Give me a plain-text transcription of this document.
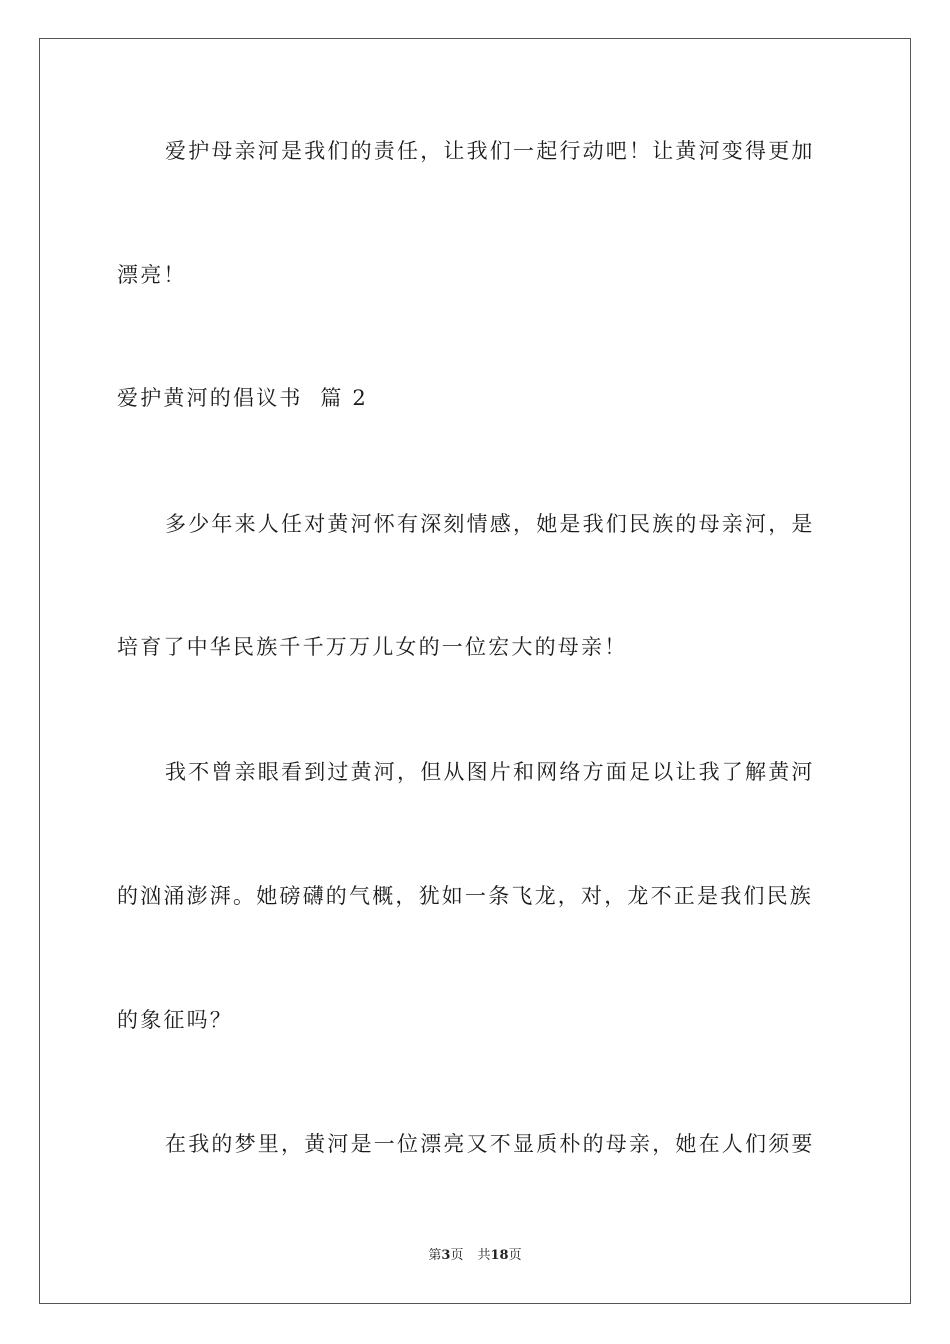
爱护母亲河是我们的责任，让我们一起行动吧！让黄河变得更加
漂亮！
爱护黄河的倡议书  篇 2
多少年来人任对黄河怀有深刻情感，她是我们民族的母亲河，是
培育了中华民族千千万万儿女的一位宏大的母亲！
我不曾亲眼看到过黄河，但从图片和网络方面足以让我了解黄河
的汹涌澎湃。她磅礴的气概，犹如一条飞龙，对，龙不正是我们民族
的象征吗？
在我的梦里，黄河是一位漂亮又不显质朴的母亲，她在人们须要
第3页 共18页
